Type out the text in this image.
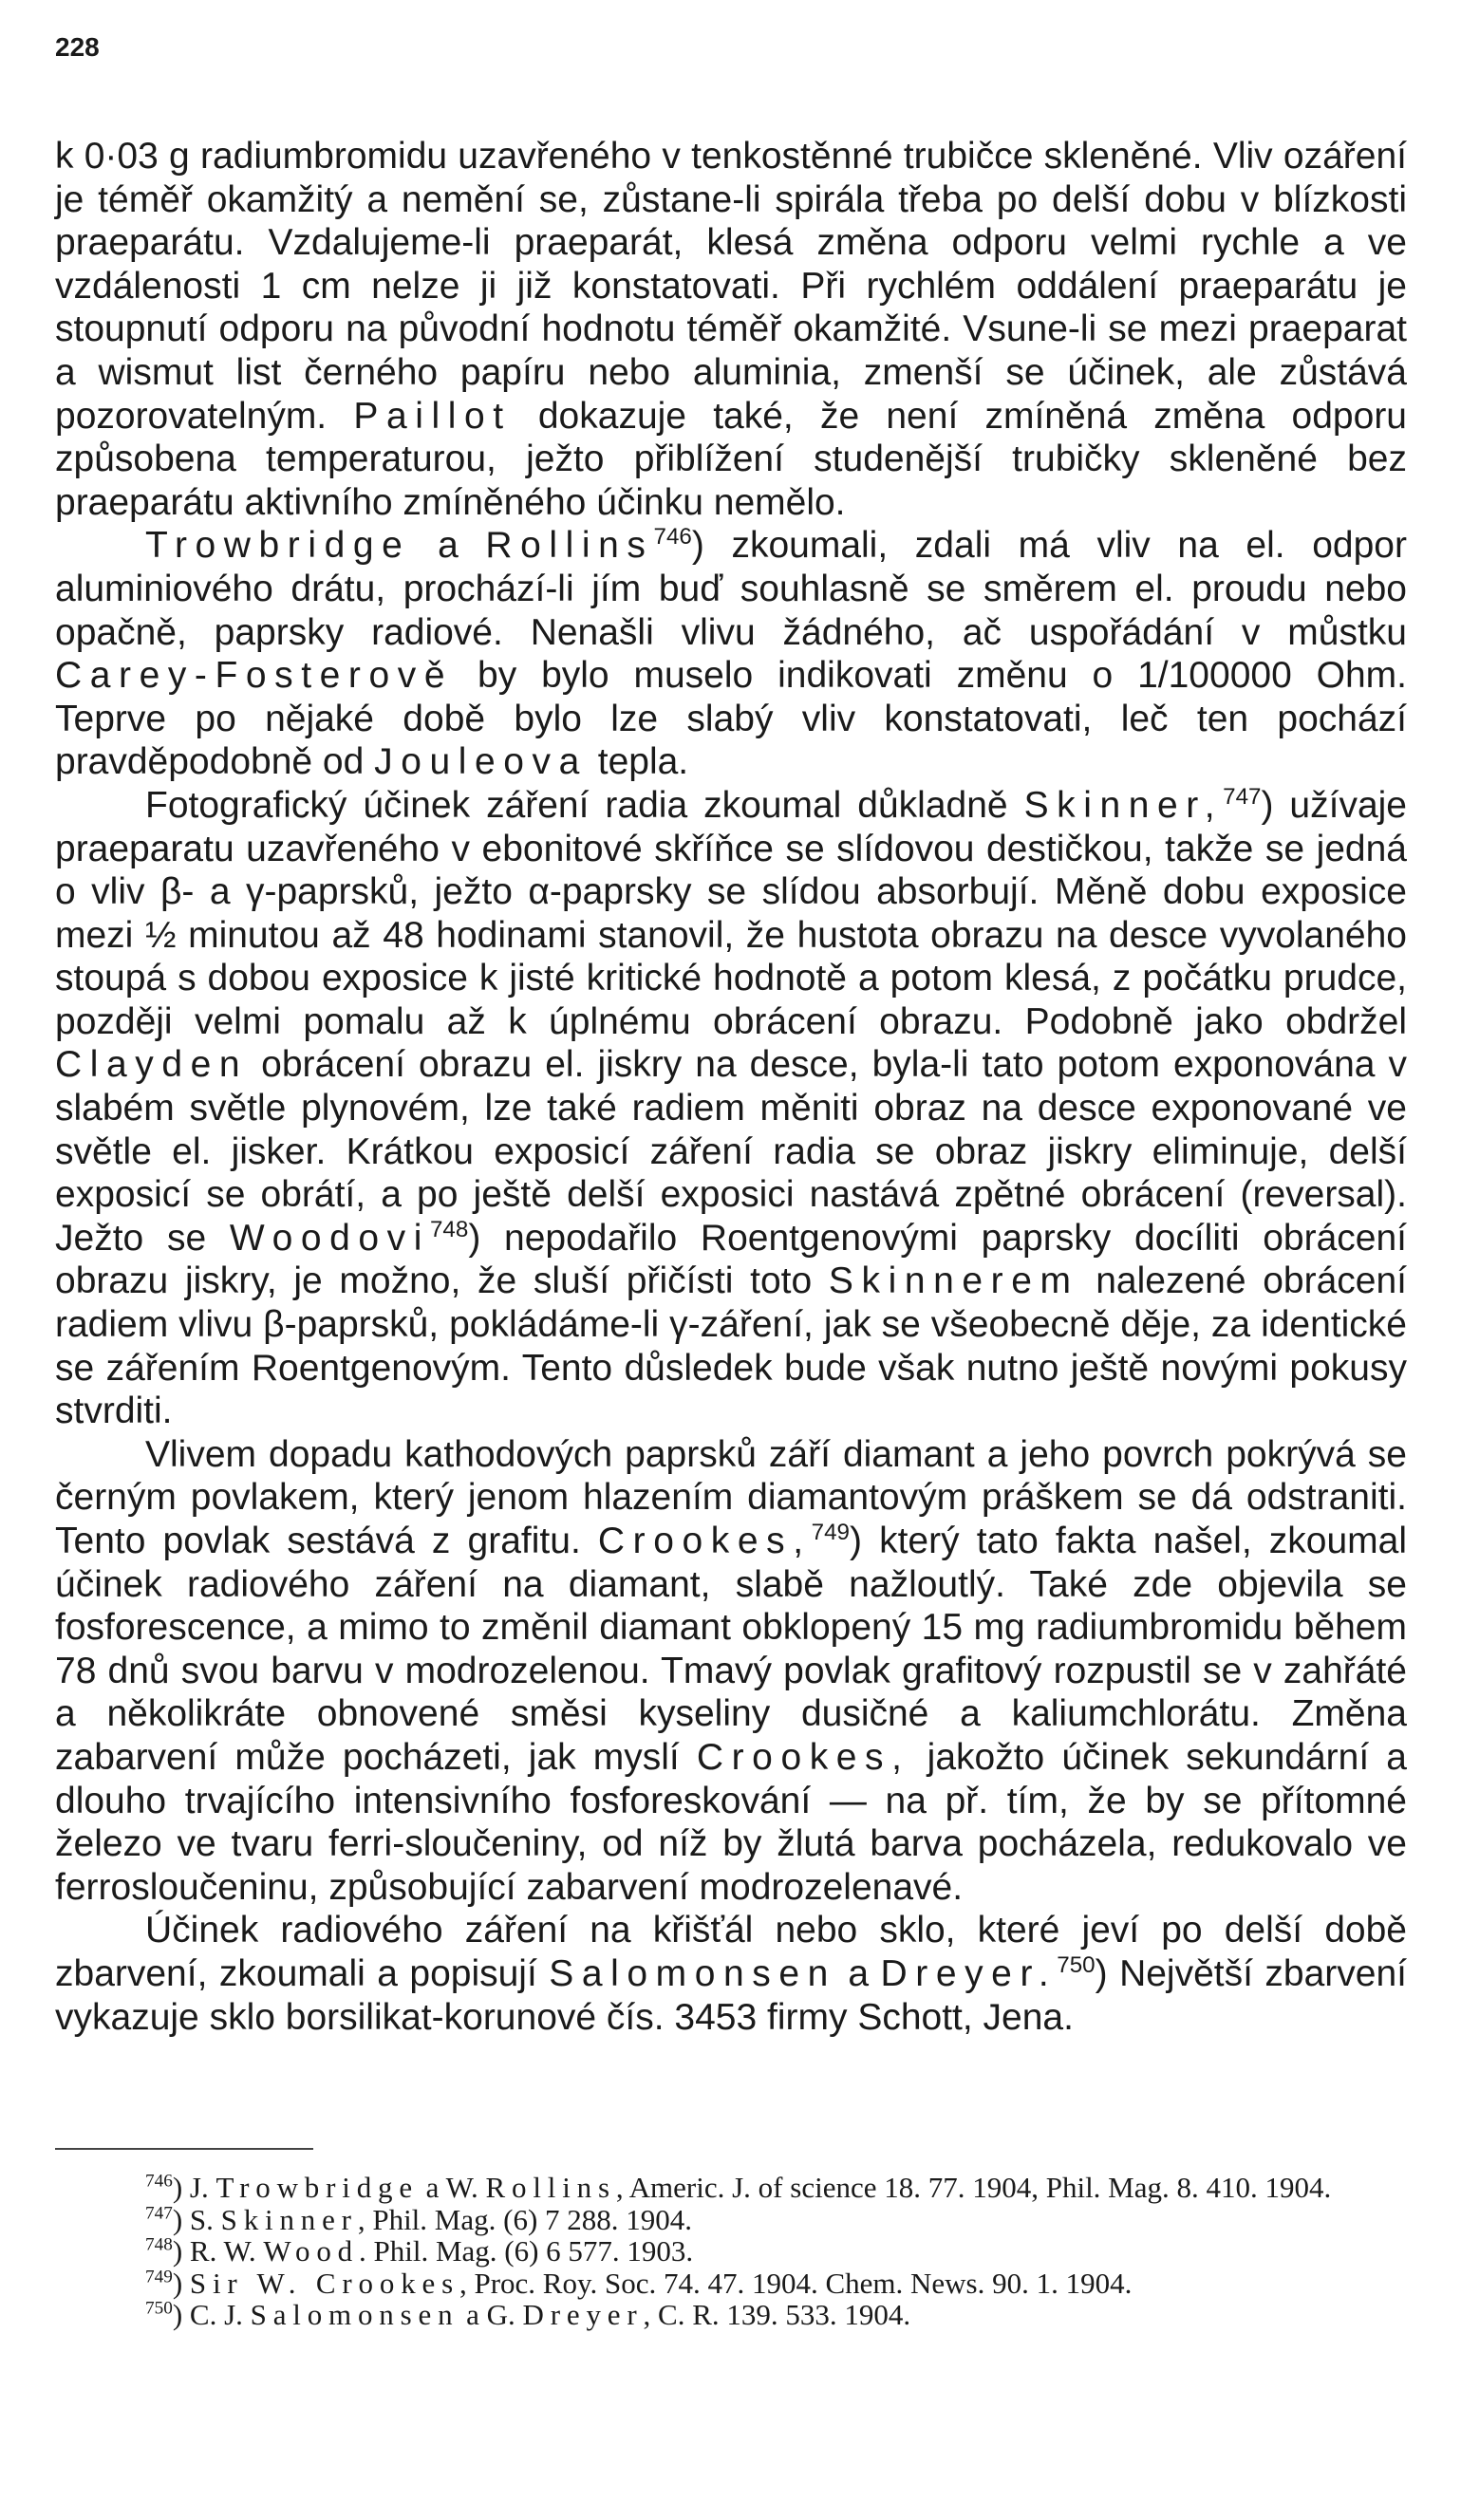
228

k 0·03 g radiumbromidu uzavřeného v tenkostěnné trubičce skleněné. Vliv ozáření je téměř okamžitý a nemění se, zůstane-li spirála třeba po delší dobu v blízkosti praeparátu. Vzdalujeme-li praeparát, klesá změna odporu velmi rychle a ve vzdálenosti 1 cm nelze ji již konstatovati. Při rychlém oddálení praeparátu je stoupnutí odporu na původní hodnotu téměř okamžité. Vsune-li se mezi praeparat a wismut list černého papíru nebo aluminia, zmenší se účinek, ale zůstává pozorovatelným. Paillot dokazuje také, že není zmíněná změna odporu způsobena temperaturou, ježto přiblížení studenější trubičky skleněné bez praeparátu aktivního zmíněného účinku nemělo.

Trowbridge a Rollins$^{746}$) zkoumali, zdali má vliv na el. odpor aluminiového drátu, prochází-li jím buď souhlasně se směrem el. proudu nebo opačně, paprsky radiové. Nenašli vlivu žádného, ač uspořádání v můstku Carey-Fosterově by bylo muselo indikovati změnu o 1/100000 Ohm. Teprve po nějaké době bylo lze slabý vliv konstatovati, leč ten pochází pravděpodobně od Jouleova tepla.

Fotografický účinek záření radia zkoumal důkladně Skinner,$^{747}$) užívaje praeparatu uzavřeného v ebonitové skříňce se slídovou destičkou, takže se jedná o vliv β- a γ-paprsků, ježto α-paprsky se slídou absorbují. Měně dobu exposice mezi ½ minutou až 48 hodinami stanovil, že hustota obrazu na desce vyvolaného stoupá s dobou exposice k jisté kritické hodnotě a potom klesá, z počátku prudce, později velmi pomalu až k úplnému obrácení obrazu. Podobně jako obdržel Clayden obrácení obrazu el. jiskry na desce, byla-li tato potom exponována v slabém světle plynovém, lze také radiem měniti obraz na desce exponované ve světle el. jisker. Krátkou exposicí záření radia se obraz jiskry eliminuje, delší exposicí se obrátí, a po ještě delší exposici nastává zpětné obrácení (reversal). Ježto se Woodovi$^{748}$) nepodařilo Roentgenovými paprsky docíliti obrácení obrazu jiskry, je možno, že sluší přičísti toto Skinnerem nalezené obrácení radiem vlivu β-paprsků, pokládáme-li γ-záření, jak se všeobecně děje, za identické se zářením Roentgenovým. Tento důsledek bude však nutno ještě novými pokusy stvrditi.

Vlivem dopadu kathodových paprsků září diamant a jeho povrch pokrývá se černým povlakem, který jenom hlazením diamantovým práškem se dá odstraniti. Tento povlak sestává z grafitu. Crookes,$^{749}$) který tato fakta našel, zkoumal účinek radiového záření na diamant, slabě nažloutlý. Také zde objevila se fosforescence, a mimo to změnil diamant obklopený 15 mg radiumbromidu během 78 dnů svou barvu v modrozelenou. Tmavý povlak grafitový rozpustil se v zahřáté a několikráte obnovené směsi kyseliny dusičné a kaliumchlorátu. Změna zabarvení může pocházeti, jak myslí Crookes, jakožto účinek sekundární a dlouho trvajícího intensivního fosforeskování — na př. tím, že by se přítomné železo ve tvaru ferri-sloučeniny, od níž by žlutá barva pocházela, redukovalo ve ferrosloučeninu, způsobující zabarvení modrozelenavé.

Účinek radiového záření na křišťál nebo sklo, které jeví po delší době zbarvení, zkoumali a popisují Salomonsen a Dreyer.$^{750}$) Největší zbarvení vykazuje sklo borsilikat-korunové čís. 3453 firmy Schott, Jena.

$^{746}$) J. Trowbridge a W. Rollins, Americ. J. of science 18. 77. 1904, Phil. Mag. 8. 410. 1904.

$^{747}$) S. Skinner, Phil. Mag. (6) 7 288. 1904.

$^{748}$) R. W. Wood. Phil. Mag. (6) 6 577. 1903.

$^{749}$) Sir W. Crookes, Proc. Roy. Soc. 74. 47. 1904. Chem. News. 90. 1. 1904.

$^{750}$) C. J. Salomonsen a G. Dreyer, C. R. 139. 533. 1904.
